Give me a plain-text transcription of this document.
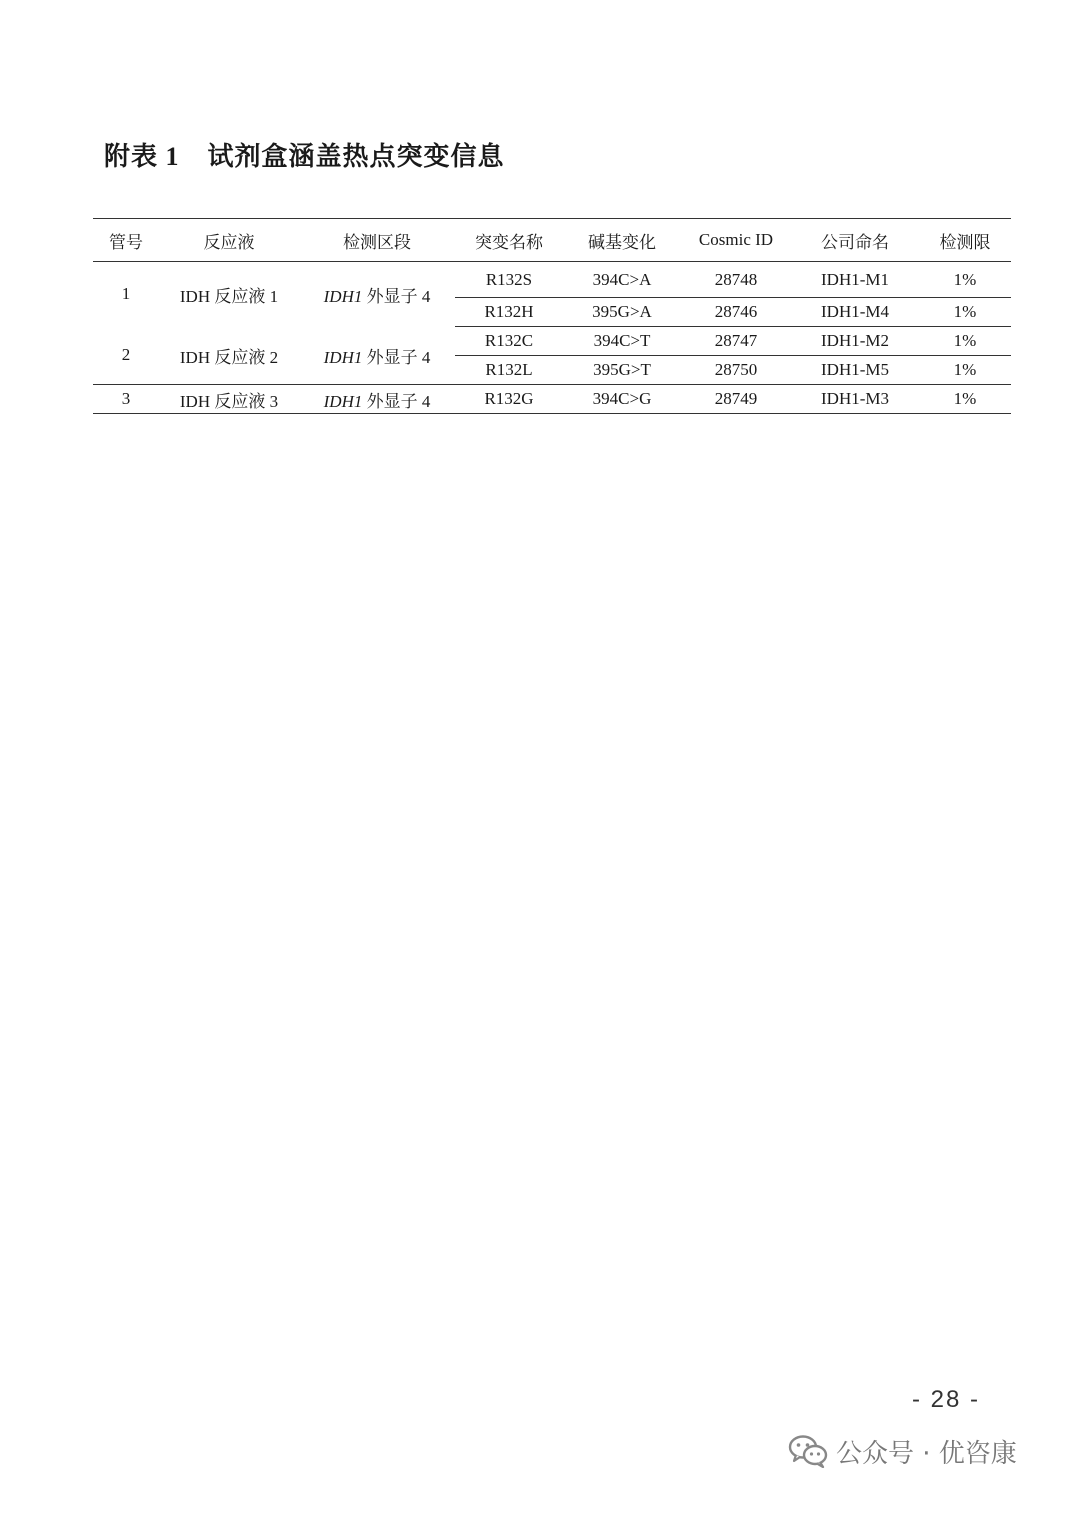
附表 1 试剂盒涵盖热点突变信息
管号	反应液	检测区段	突变名称	碱基变化	Cosmic ID	公司命名	检测限
1	IDH 反应液 1	IDH1 外显子 4	R132S	394C>A	28748	IDH1-M1	1%
			R132H	395G>A	28746	IDH1-M4	1%
2	IDH 反应液 2	IDH1 外显子 4	R132C	394C>T	28747	IDH1-M2	1%
			R132L	395G>T	28750	IDH1-M5	1%
3	IDH 反应液 3	IDH1 外显子 4	R132G	394C>G	28749	IDH1-M3	1%
- 28 -
公众号 · 优咨康
